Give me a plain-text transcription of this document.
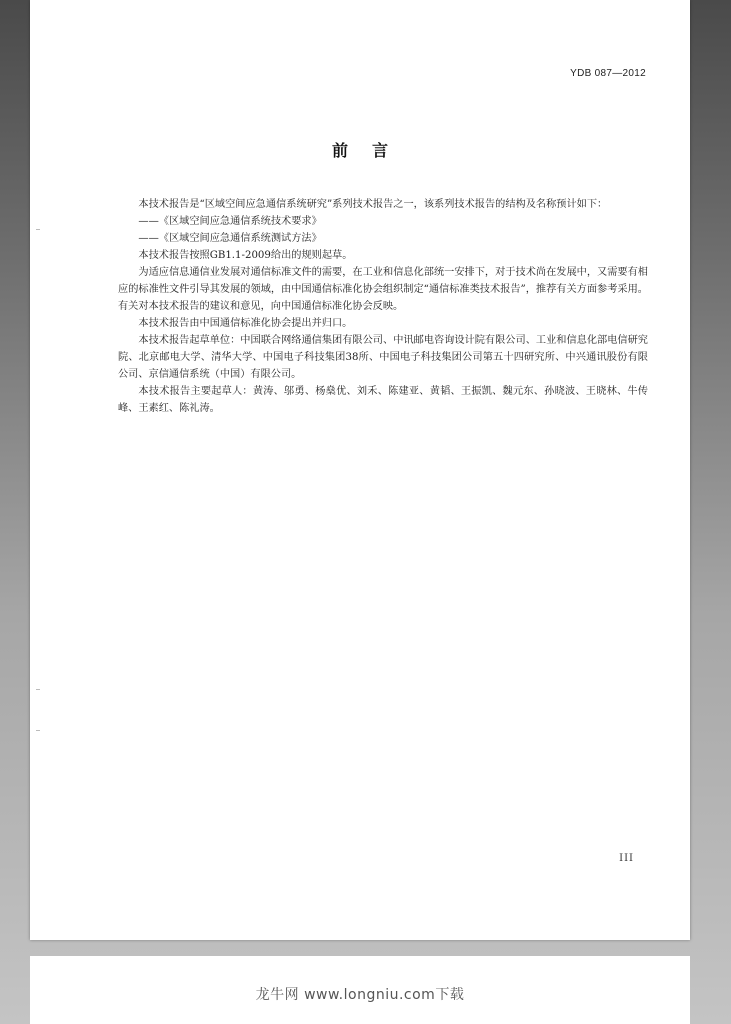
YDB 087—2012
前言

本技术报告是“区域空间应急通信系统研究”系列技术报告之一，该系列技术报告的结构及名称预计如下：

——《区域空间应急通信系统技术要求》

——《区域空间应急通信系统测试方法》

本技术报告按照GB1.1-2009给出的规则起草。

为适应信息通信业发展对通信标准文件的需要，在工业和信息化部统一安排下，对于技术尚在发展中，又需要有相应的标准性文件引导其发展的领域，由中国通信标准化协会组织制定“通信标准类技术报告”，推荐有关方面参考采用。有关对本技术报告的建议和意见，向中国通信标准化协会反映。

本技术报告由中国通信标准化协会提出并归口。

本技术报告起草单位：中国联合网络通信集团有限公司、中讯邮电咨询设计院有限公司、工业和信息化部电信研究院、北京邮电大学、清华大学、中国电子科技集团38所、中国电子科技集团公司第五十四研究所、中兴通讯股份有限公司、京信通信系统（中国）有限公司。

本技术报告主要起草人：黄涛、邬勇、杨燊优、刘禾、陈建亚、黄韬、王振凯、魏元东、孙晓波、王晓林、牛传峰、王素红、陈礼涛。

III
龙牛网 www.longniu.com下载
